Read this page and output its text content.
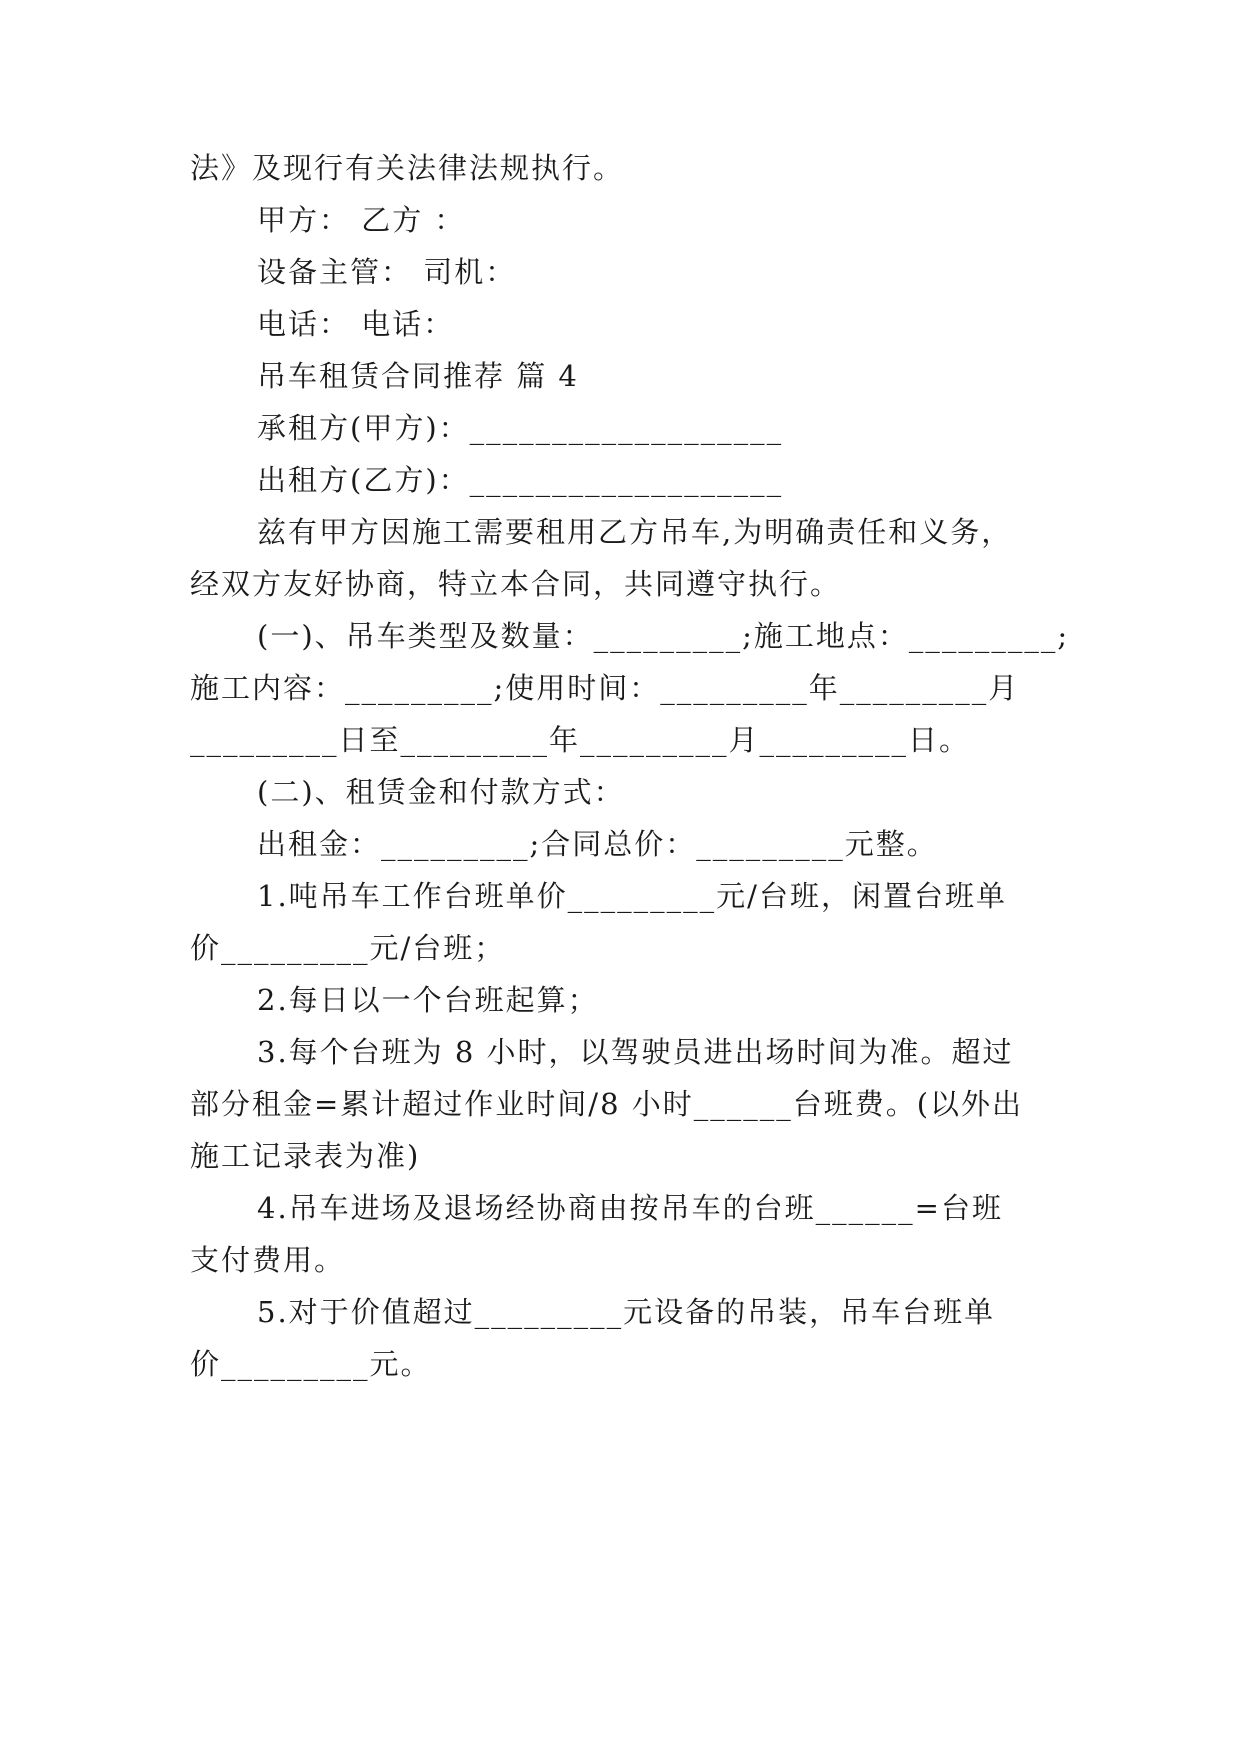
法》及现行有关法律法规执行。
甲方： 乙方 ：
设备主管： 司机：
电话： 电话：
吊车租赁合同推荐 篇 4
承租方(甲方)：___________________
出租方(乙方)：___________________
兹有甲方因施工需要租用乙方吊车,为明确责任和义务，
经双方友好协商，特立本合同，共同遵守执行。
(一)、吊车类型及数量：_________;施工地点：_________;
施工内容：_________;使用时间：_________年_________月
_________日至_________年_________月_________日。
(二)、租赁金和付款方式：
出租金：_________;合同总价：_________元整。
1.吨吊车工作台班单价_________元/台班，闲置台班单
价_________元/台班；
2.每日以一个台班起算；
3.每个台班为 8 小时，以驾驶员进出场时间为准。超过
部分租金=累计超过作业时间/8 小时______台班费。(以外出
施工记录表为准)
4.吊车进场及退场经协商由按吊车的台班______=台班
支付费用。
5.对于价值超过_________元设备的吊装，吊车台班单
价_________元。
